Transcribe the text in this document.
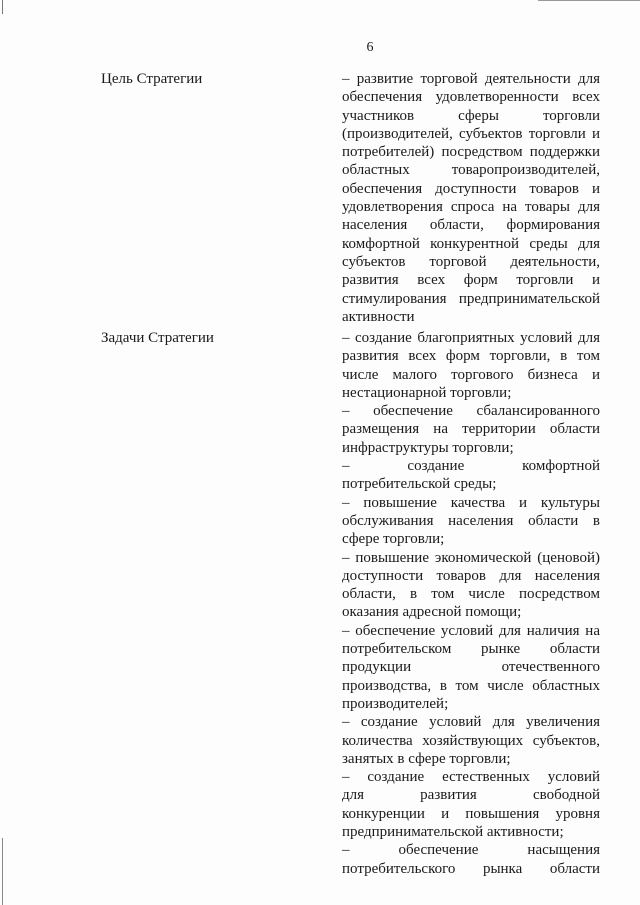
6
Цель Стратегии	– развитие торговой деятельности для
обеспечения удовлетворенности всех
участников сферы торговли
(производителей, субъектов торговли и
потребителей) посредством поддержки
областных товаропроизводителей,
обеспечения доступности товаров и
удовлетворения спроса на товары для
населения области, формирования
комфортной конкурентной среды для
субъектов торговой деятельности,
развития всех форм торговли и
стимулирования предпринимательской
активности
Задачи Стратегии	– создание благоприятных условий для
развития всех форм торговли, в том
числе малого торгового бизнеса и
нестационарной торговли;
– обеспечение сбалансированного
размещения на территории области
инфраструктуры торговли;
– создание комфортной
потребительской среды;
– повышение качества и культуры
обслуживания населения области в
сфере торговли;
– повышение экономической (ценовой)
доступности товаров для населения
области, в том числе посредством
оказания адресной помощи;
– обеспечение условий для наличия на
потребительском рынке области
продукции отечественного
производства, в том числе областных
производителей;
– создание условий для увеличения
количества хозяйствующих субъектов,
занятых в сфере торговли;
– создание естественных условий
для развития свободной
конкуренции и повышения уровня
предпринимательской активности;
– обеспечение насыщения
потребительского рынка области
